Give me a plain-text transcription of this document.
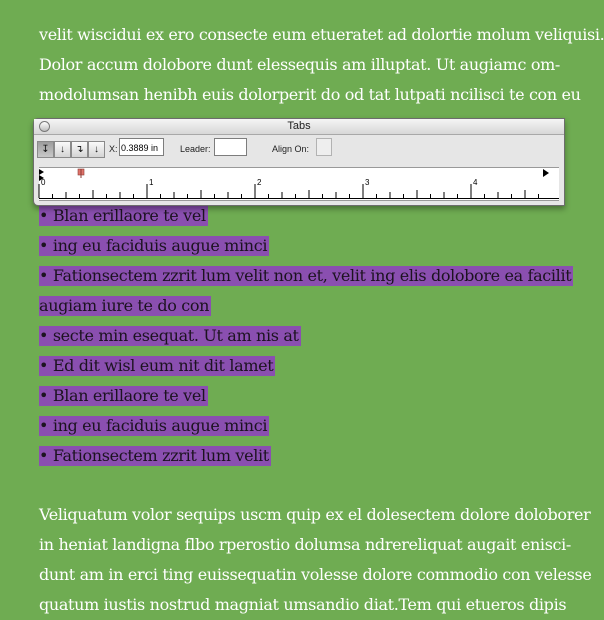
velit wiscidui ex ero consecte eum etueratet ad dolortie molum veliquisi.
Dolor accum dolobore dunt elessequis am illuptat. Ut augiamc om-
modolumsan henibh euis dolorperit do od tat lutpati ncilisci te con eu
• Blan erillaore te vel
• ing eu faciduis augue minci
• Fationsectem zzrit lum velit non et, velit ing elis dolobore ea facilit
augiam iure te do con
• secte min esequat. Ut am nis at
• Ed dit wisl eum nit dit lamet
• Blan erillaore te vel
• ing eu faciduis augue minci
• Fationsectem zzrit lum velit
Veliquatum volor sequips uscm quip ex el dolesectem dolore doloborer
in heniat landigna flbo rperostio dolumsa ndrereliquat augait enisci-
dunt am in erci ting euissequatin volesse dolore commodio con velesse
quatum iustis nostrud magniat umsandio diat.Tem qui etueros dipis
Tabs
↧	↓	↴	↓	X: 0.3889 in	Leader:	Align On:
0	1	2	3	4
